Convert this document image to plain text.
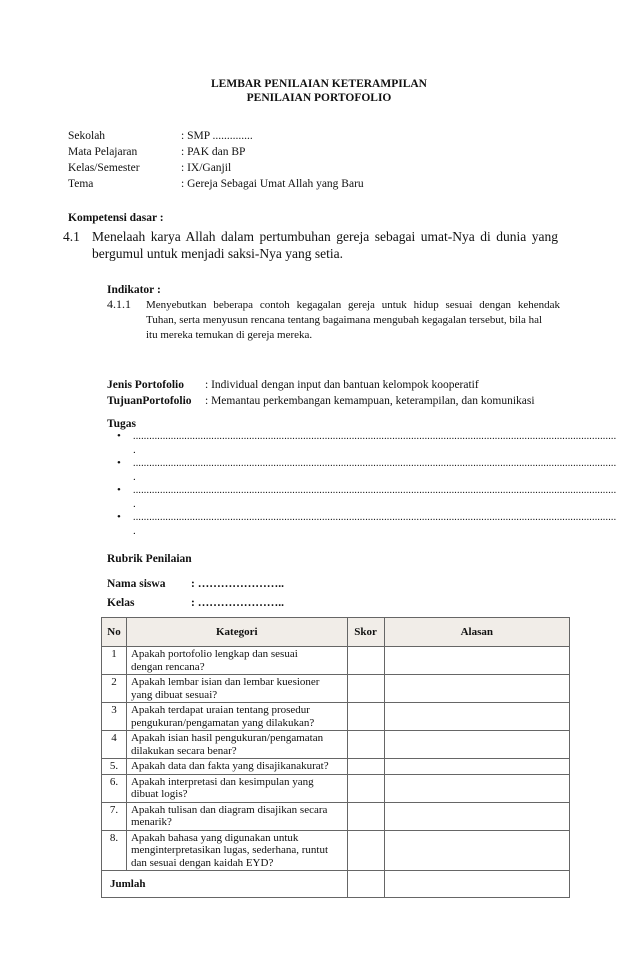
LEMBAR PENILAIAN KETERAMPILAN
PENILAIAN PORTOFOLIO
Sekolah	: SMP ..............
Mata Pelajaran	: PAK dan BP
Kelas/Semester	: IX/Ganjil
Tema	: Gereja Sebagai Umat Allah yang Baru
Kompetensi dasar :
4.1 Menelaah karya Allah dalam pertumbuhan gereja sebagai umat-Nya di dunia yang
bergumul untuk menjadi saksi-Nya yang setia.
Indikator :
4.1.1 Menyebutkan beberapa contoh kegagalan gereja untuk hidup sesuai dengan kehendak
Tuhan, serta menyusun rencana tentang bagaimana mengubah kegagalan tersebut, bila hal
itu mereka temukan di gereja mereka.
Jenis Portofolio : Individual dengan input dan bantuan kelompok kooperatif
TujuanPortofolio : Memantau perkembangan kemampuan, keterampilan, dan komunikasi
Tugas
• ...................................................................................................................................................................................
.
• ...................................................................................................................................................................................
.
• ...................................................................................................................................................................................
.
• ...................................................................................................................................................................................
.
Rubrik Penilaian
Nama siswa : …………………..
Kelas	: …………………..
No	Kategori	Skor	Alasan
1	Apakah portofolio lengkap dan sesuai
dengan rencana?		

2	Apakah lembar isian dan lembar kuesioner
yang dibuat sesuai?		

3	Apakah terdapat uraian tentang prosedur
pengukuran/pengamatan yang dilakukan?		

4	Apakah isian hasil pengukuran/pengamatan
dilakukan secara benar?		

5.	Apakah data dan fakta yang disajikanakurat?		

6.	Apakah interpretasi dan kesimpulan yang
dibuat logis?		

7.	Apakah tulisan dan diagram disajikan secara
menarik?		

8.	Apakah bahasa yang digunakan untuk
menginterpretasikan lugas, sederhana, runtut
dan sesuai dengan kaidah EYD?		

Jumlah			
